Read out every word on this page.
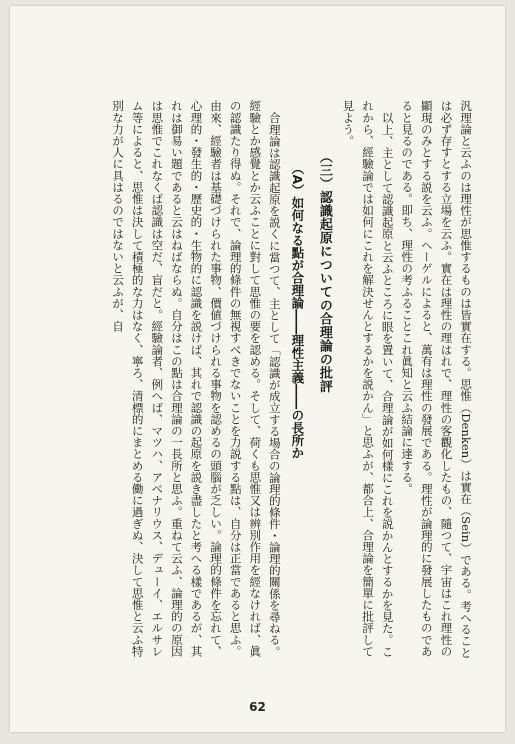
汎理論と云ふのは理性が思惟するものは皆實在する。思惟（Denken）は實在（Sein）である。考へることは必ず存すとする立場を云ふ。實在は理性の理はれで、理性の客觀化したもの、隨つて、宇宙はこれ理性の顯現のみとする説を云ふ。ヘーゲルによると、萬有は理性の發展である。理性が論理的に發展したものであると見るのである。即ち、理性の考ふることこれ眞知と云ふ結論に達する。

以上、主として認識起原と云ふところに眼を置いて、合理論が如何樣にこれを説かんとするかを見た。これから、經驗論では如何にこれを解決せんとするかを説かん」と思ふが、都合上、合理論を簡單に批評して見よう。

（三）認識起原についての合理論の批評
（A）如何なる點が合理論――理性主義――の長所か

合理論は認識起原を説くに當つて、主として「認識が成立する場合の論理的條件・論理的關係を尋ねる。經驗とか感覺とか云ふことに對して思惟の要を認める。そして、荷くも思惟又は辨別作用を經なければ、眞の認識たり得ぬ。それで、論理的條件の無視すべきでないことを力説する點は、自分は正當であると思ふ。由來、經驗者は基礎づけられた事物、價値づけられる事物を認めるの頭腦が乏しい。論理的條件を忘れて、心理的・發生的・歷史的・生物的に認識を説けば、其れで認識の起原を説き盡したと考へる樣であるが、其れは御易い題であると云はねばならぬ。自分はこの點は合理論の一長所と思ふ。重ねて云ふ、論理的の原因は思惟でこれなくば認識は空だ、盲だと。經驗論者、例へば、マツハ、アベナリウス、デューイ、エルサレム等によると、思惟は決して積極的な力はなく、寧ろ、清標的にまとめる働に過ぎぬ、決して思惟と云ふ特別な力が人に具はるのではないと云ふが、自

62
